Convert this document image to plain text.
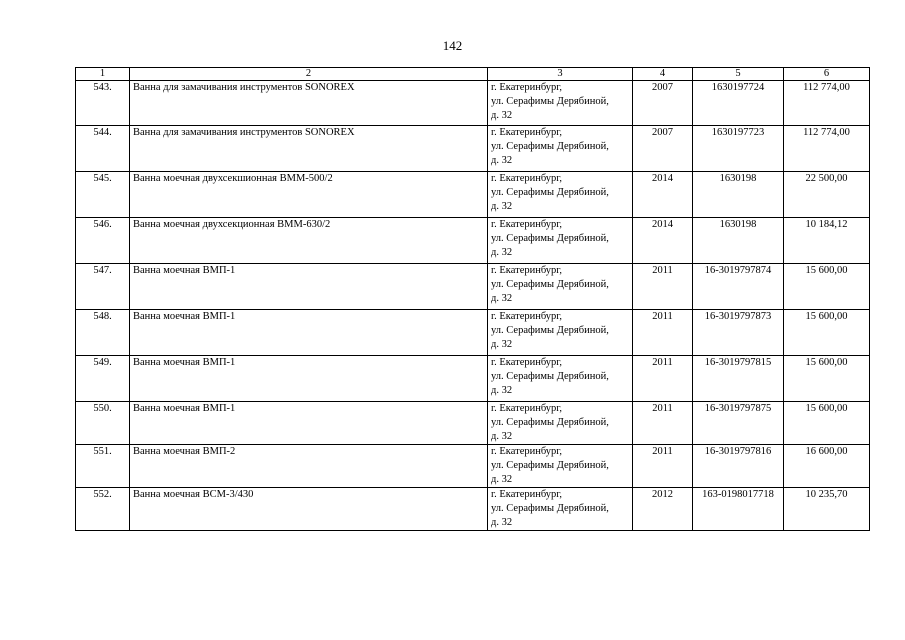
142
1	2	3	4	5	6
543.	Ванна для замачивания инструментов SONOREX	г. Екатеринбург,
ул. Серафимы Дерябиной,
д. 32	2007	1630197724	112 774,00
544.	Ванна для замачивания инструментов SONOREX	г. Екатеринбург,
ул. Серафимы Дерябиной,
д. 32	2007	1630197723	112 774,00
545.	Ванна моечная двухсекшионная ВММ-500/2	г. Екатеринбург,
ул. Серафимы Дерябиной,
д. 32	2014	1630198	22 500,00
546.	Ванна моечная двухсекционная ВММ-630/2	г. Екатеринбург,
ул. Серафимы Дерябиной,
д. 32	2014	1630198	10 184,12
547.	Ванна моечная ВМП-1	г. Екатеринбург,
ул. Серафимы Дерябиной,
д. 32	2011	16-3019797874	15 600,00
548.	Ванна моечная ВМП-1	г. Екатеринбург,
ул. Серафимы Дерябиной,
д. 32	2011	16-3019797873	15 600,00
549.	Ванна моечная ВМП-1	г. Екатеринбург,
ул. Серафимы Дерябиной,
д. 32	2011	16-3019797815	15 600,00
550.	Ванна моечная ВМП-1	г. Екатеринбург,
ул. Серафимы Дерябиной,
д. 32	2011	16-3019797875	15 600,00
551.	Ванна моечная ВМП-2	г. Екатеринбург,
ул. Серафимы Дерябиной,
д. 32	2011	16-3019797816	16 600,00
552.	Ванна моечная ВСМ-3/430	г. Екатеринбург,
ул. Серафимы Дерябиной,
д. 32	2012	163-0198017718	10 235,70
